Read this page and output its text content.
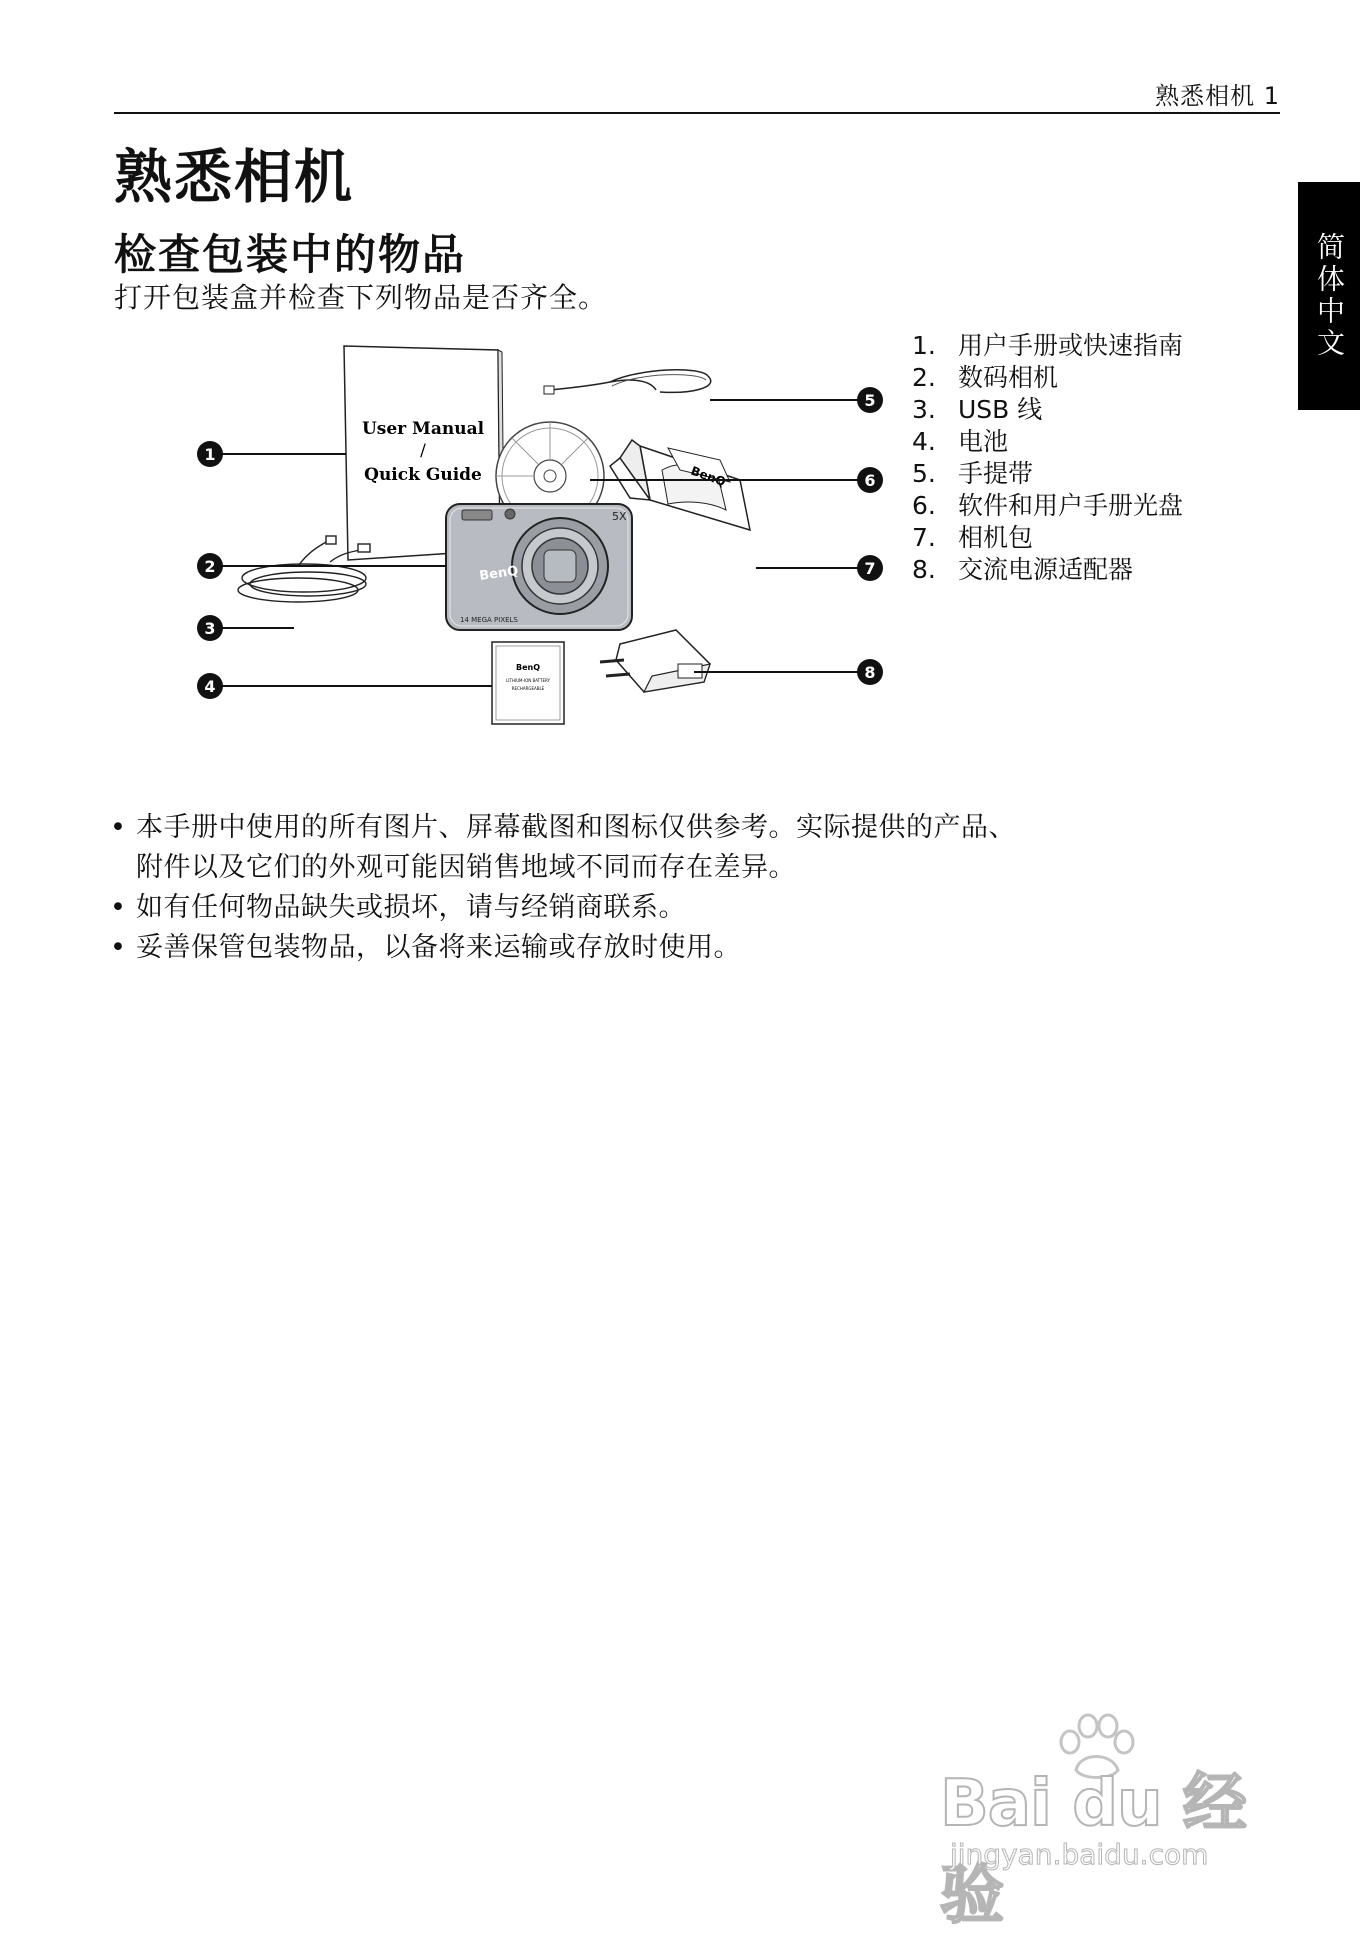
熟悉相机 1
简体中文
熟悉相机
检查包装中的物品
打开包装盒并检查下列物品是否齐全。
User Manual
/
Quick Guide
BenQ
5X
14 MEGA PIXELS
BenQ
BenQ
LITHIUM-ION BATTERY
RECHARGEABLE
1
2
3
4
5
6
7
8
1. 用户手册或快速指南
2. 数码相机
3. USB 线
4. 电池
5. 手提带
6. 软件和用户手册光盘
7. 相机包
8. 交流电源适配器
• 本手册中使用的所有图片、屏幕截图和图标仅供参考。实际提供的产品、
附件以及它们的外观可能因销售地域不同而存在差异。
• 如有任何物品缺失或损坏，请与经销商联系。
• 妥善保管包装物品，以备将来运输或存放时使用。
Bai du 经验
jingyan.baidu.com
